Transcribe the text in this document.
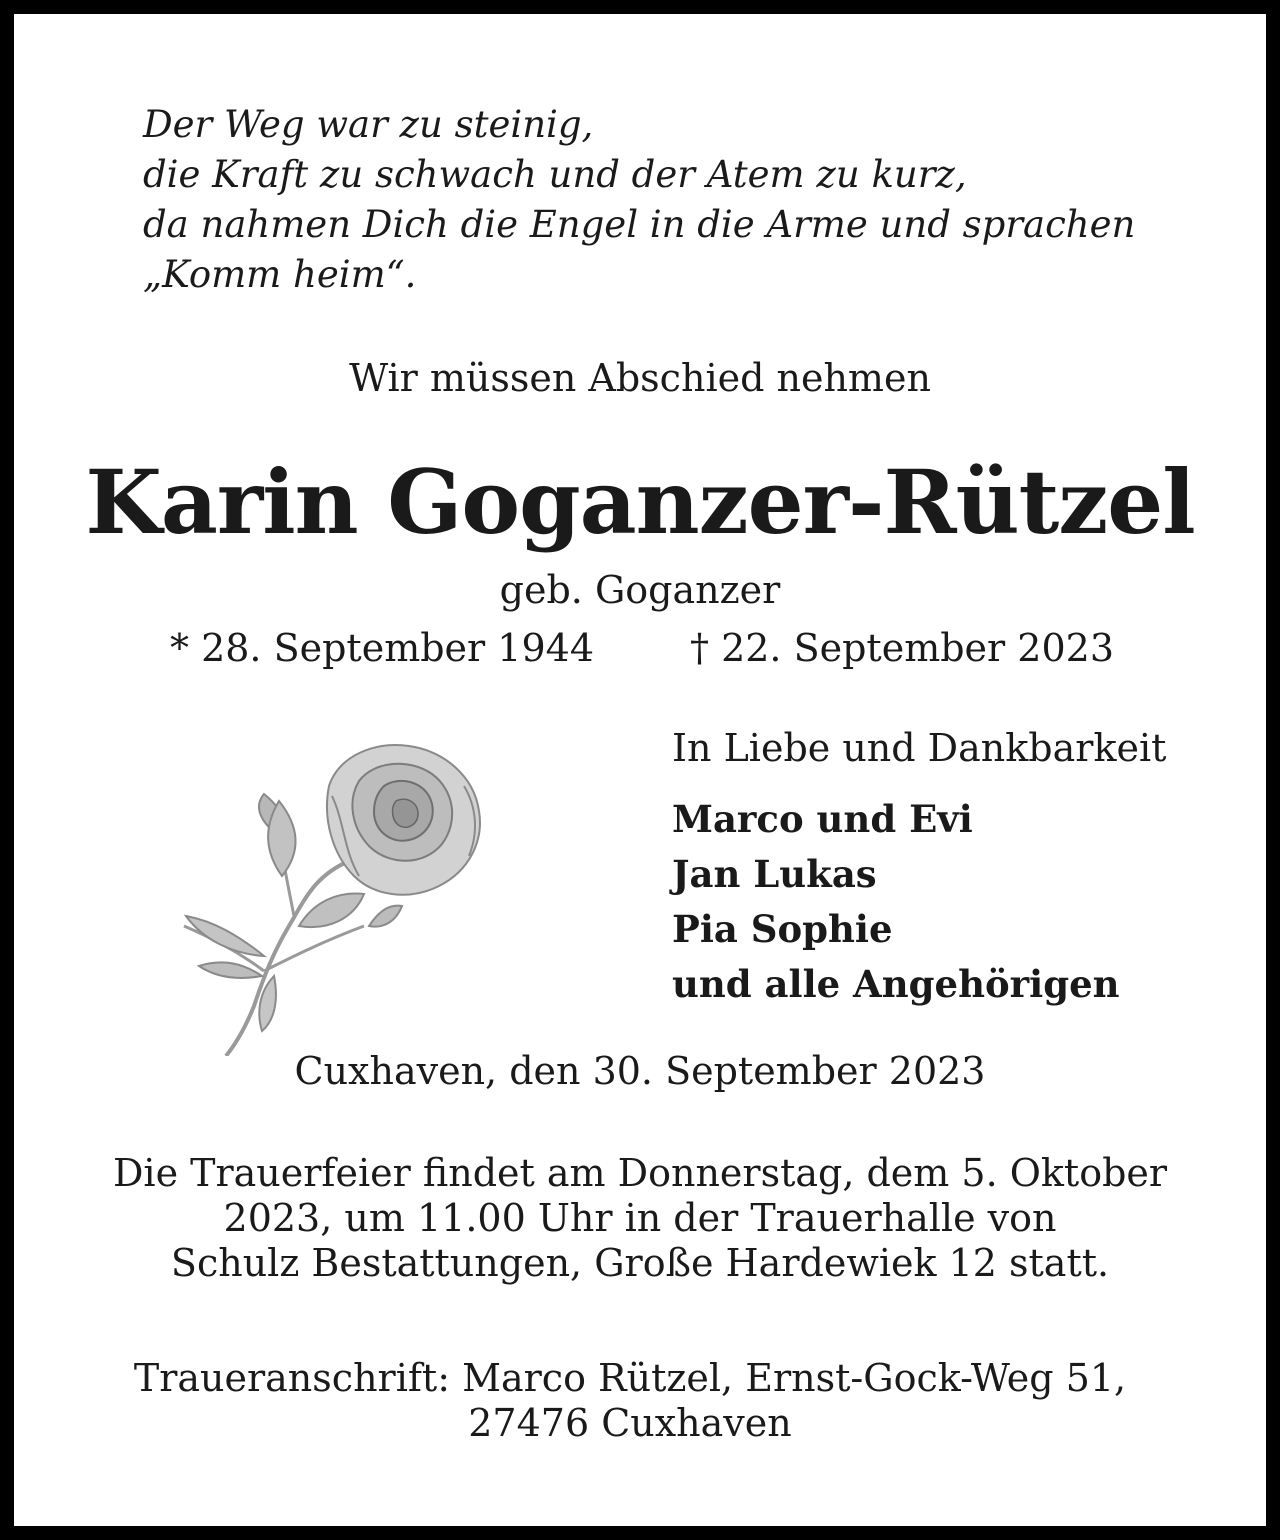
Der Weg war zu steinig,
die Kraft zu schwach und der Atem zu kurz,
da nahmen Dich die Engel in die Arme und sprachen
„Komm heim“.
Wir müssen Abschied nehmen
Karin Goganzer-Rützel
geb. Goganzer
* 28. September 1944	† 22. September 2023
In Liebe und Dankbarkeit
Marco und Evi
Jan Lukas
Pia Sophie
und alle Angehörigen
Cuxhaven, den 30. September 2023
Die Trauerfeier findet am Donnerstag, dem 5. Oktober
2023, um 11.00 Uhr in der Trauerhalle von
Schulz Bestattungen, Große Hardewiek 12 statt.
Traueranschrift: Marco Rützel, Ernst-Gock-Weg 51,
27476 Cuxhaven
